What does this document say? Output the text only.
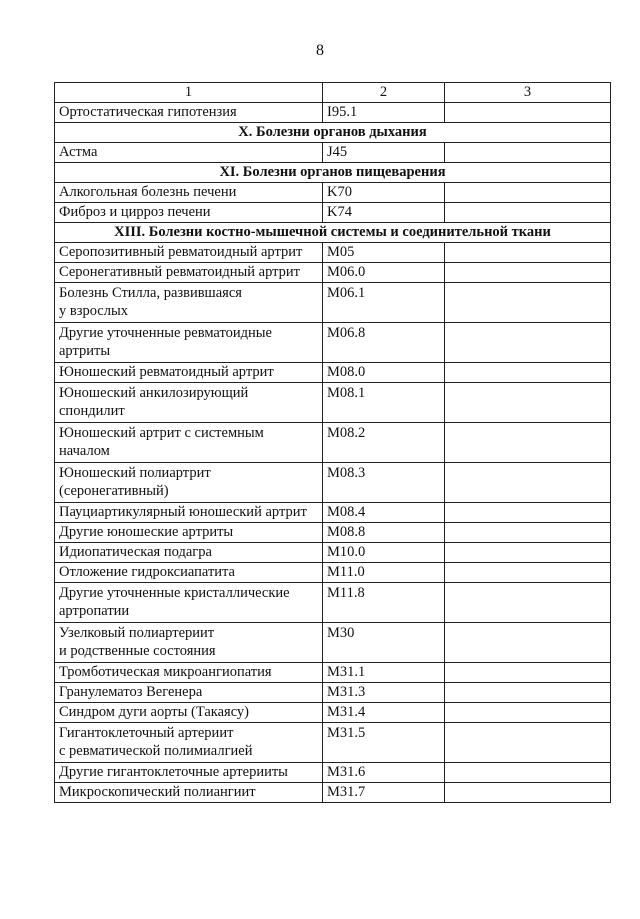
8
1	2	3
Ортостатическая гипотензия	I95.1	
X. Болезни органов дыхания		
Астма	J45	
XI. Болезни органов пищеварения		
Алкогольная болезнь печени	K70	
Фиброз и цирроз печени	K74	
XIII. Болезни костно-мышечной системы и соединительной ткани		
Серопозитивный ревматоидный артрит	M05	
Серонегативный ревматоидный артрит	M06.0	
Болезнь Стилла, развившаяся
у взрослых	M06.1	
Другие уточненные ревматоидные
артриты	M06.8	
Юношеский ревматоидный артрит	M08.0	
Юношеский анкилозирующий
спондилит	M08.1	
Юношеский артрит с системным
началом	M08.2	
Юношеский полиартрит
(серонегативный)	M08.3	
Пауциартикулярный юношеский артрит	M08.4	
Другие юношеские артриты	M08.8	
Идиопатическая подагра	M10.0	
Отложение гидроксиапатита	M11.0	
Другие уточненные кристаллические
артропатии	M11.8	
Узелковый полиартериит
и родственные состояния	M30	
Тромботическая микроангиопатия	M31.1	
Гранулематоз Вегенера	M31.3	
Синдром дуги аорты (Такаясу)	M31.4	
Гигантоклеточный артериит
с ревматической полимиалгией	M31.5	
Другие гигантоклеточные артерииты	M31.6	
Микроскопический полиангиит	M31.7	
